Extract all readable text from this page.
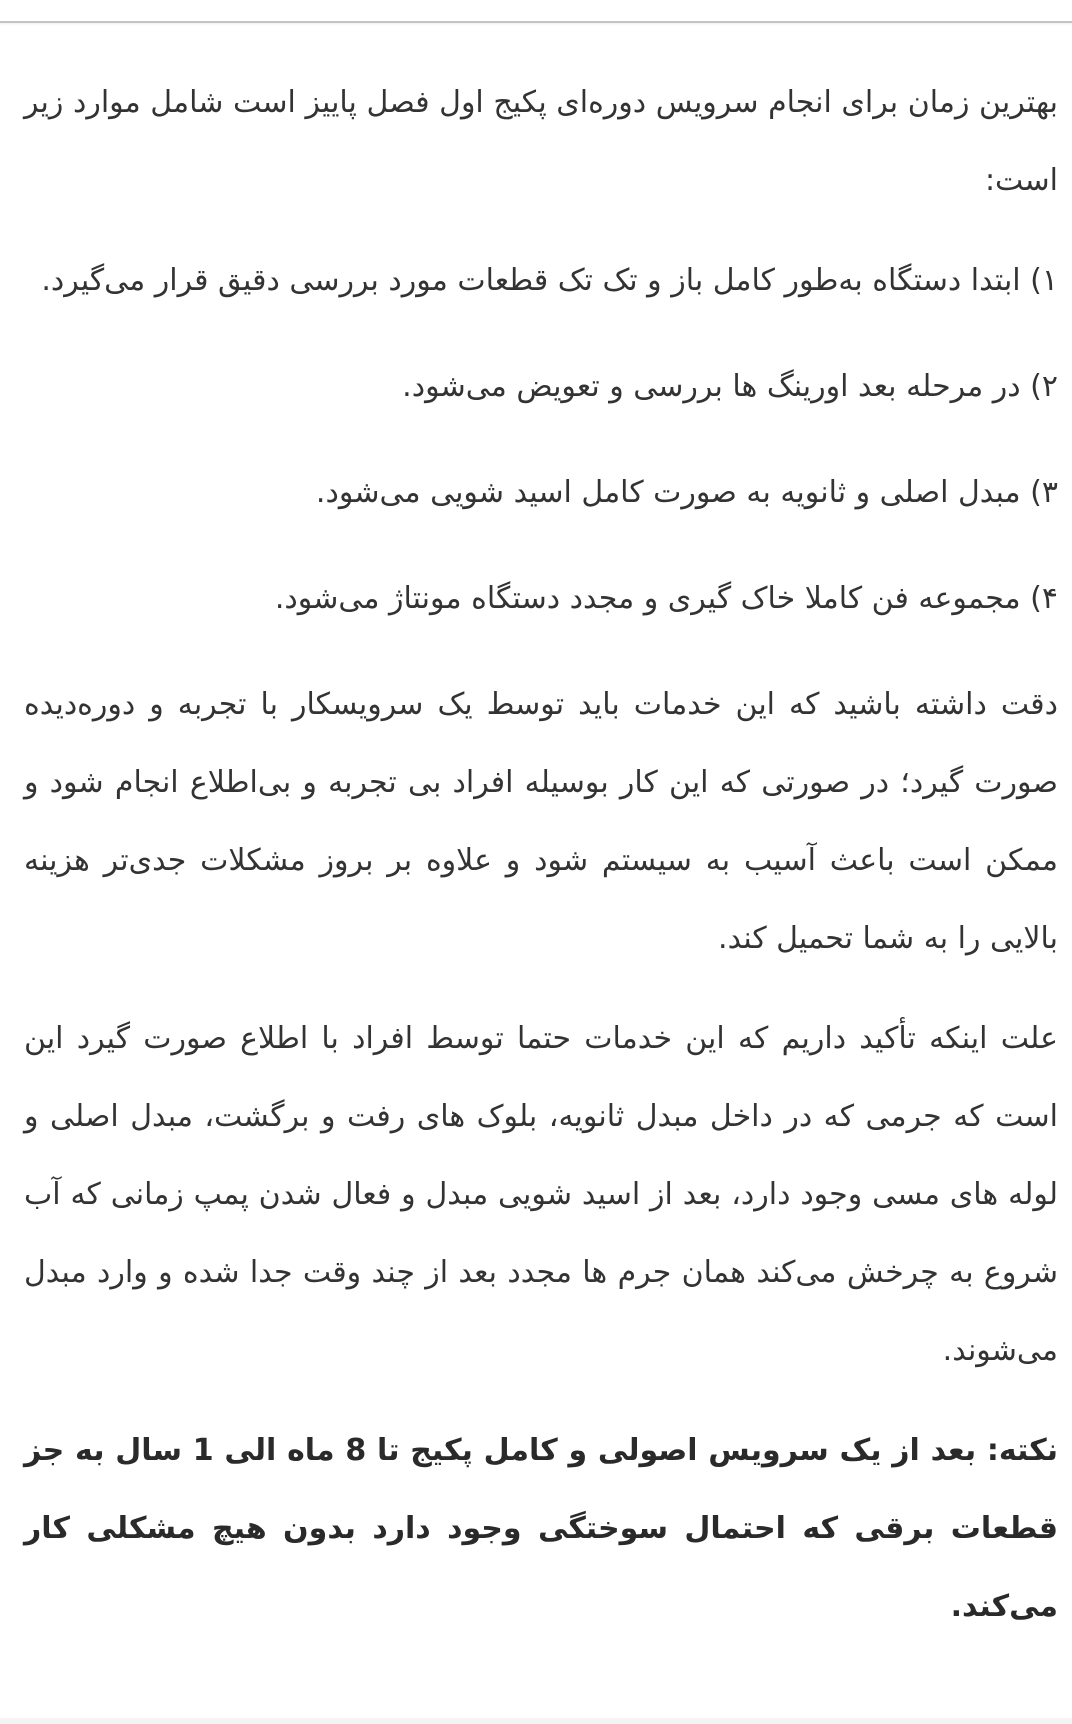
بهترین زمان برای انجام سرویس دوره‌ای پکیج اول فصل پاییز است شامل موارد زیر است:

۱) ابتدا دستگاه به‌طور کامل باز و تک تک قطعات مورد بررسی دقیق قرار می‌گیرد.

۲) در مرحله بعد اورینگ ها بررسی و تعویض می‌شود.

۳) مبدل اصلی و ثانویه به صورت کامل اسید شویی می‌شود.

۴) مجموعه فن کاملا خاک گیری و مجدد دستگاه مونتاژ می‌شود.

دقت داشته باشید که این خدمات باید توسط یک سرویسکار با تجربه و دوره‌دیده صورت گیرد؛ در صورتی که این کار بوسیله افراد بی تجربه و بی‌اطلاع انجام شود و ممکن است باعث آسیب به سیستم شود و علاوه بر بروز مشکلات جدی‌تر هزینه بالایی را به شما تحمیل کند.

علت اینکه تأکید داریم که این خدمات حتما توسط افراد با اطلاع صورت گیرد این است که جرمی که در داخل مبدل ثانویه، بلوک های رفت و برگشت، مبدل اصلی و لوله های مسی وجود دارد، بعد از اسید شویی مبدل و فعال شدن پمپ زمانی که آب شروع به چرخش می‌کند همان جرم ها مجدد بعد از چند وقت جدا شده و وارد مبدل می‌شوند.

نکته: بعد از یک سرویس اصولی و کامل پکیج تا 8 ماه الی 1 سال به جز قطعات برقی که احتمال سوختگی وجود دارد بدون هیچ مشکلی کار می‌کند.
